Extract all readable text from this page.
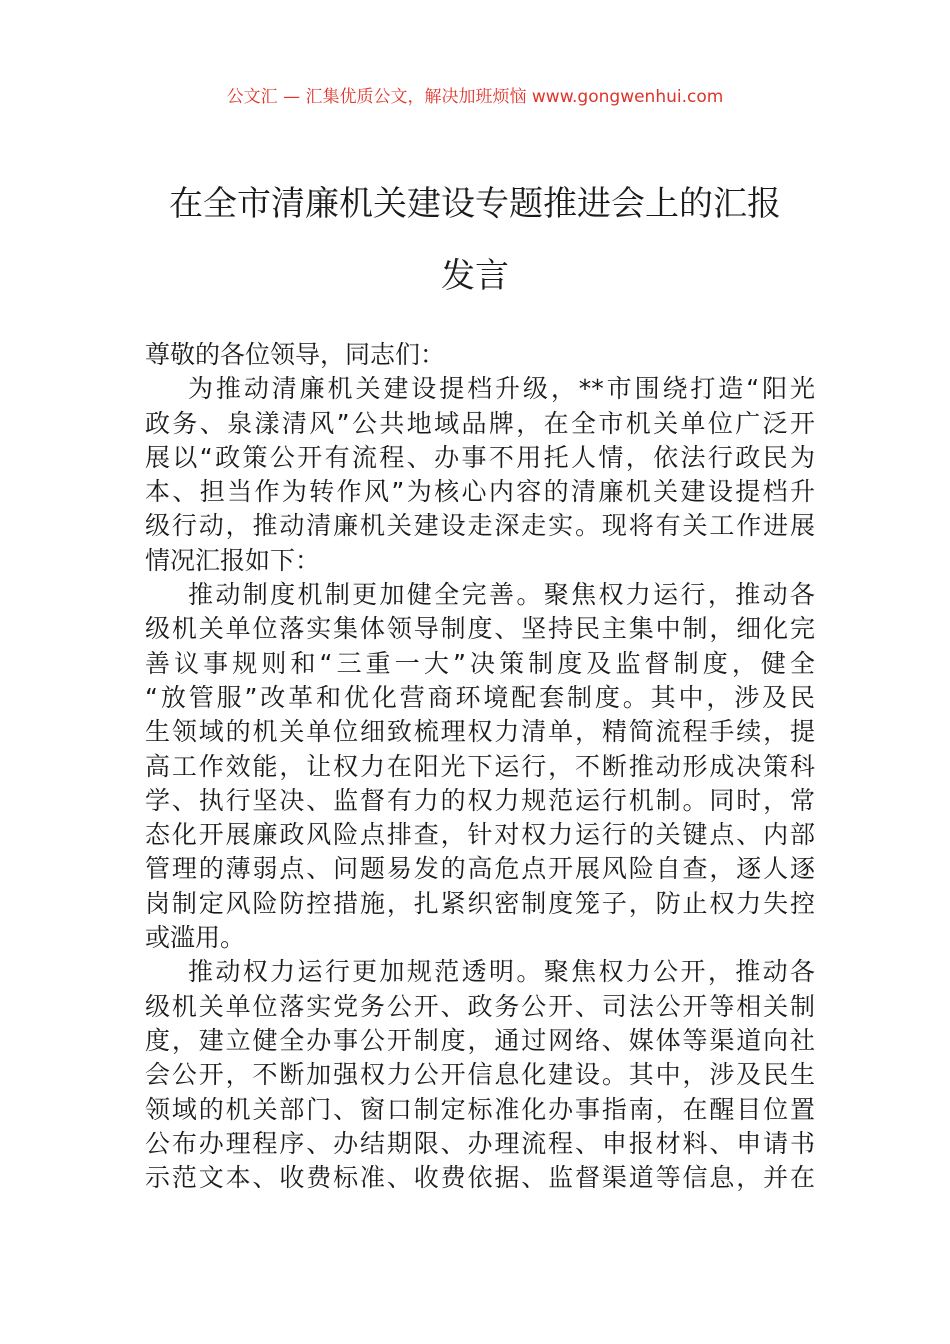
公文汇 — 汇集优质公文，解决加班烦恼 www.gongwenhui.com
在全市清廉机关建设专题推进会上的汇报
发言
尊敬的各位领导，同志们：
为推动清廉机关建设提档升级，**市围绕打造“阳光
政务、泉漾清风”公共地域品牌，在全市机关单位广泛开
展以“政策公开有流程、办事不用托人情，依法行政民为
本、担当作为转作风”为核心内容的清廉机关建设提档升
级行动，推动清廉机关建设走深走实。现将有关工作进展
情况汇报如下：
推动制度机制更加健全完善。聚焦权力运行，推动各
级机关单位落实集体领导制度、坚持民主集中制，细化完
善议事规则和“三重一大”决策制度及监督制度，健全
“放管服”改革和优化营商环境配套制度。其中，涉及民
生领域的机关单位细致梳理权力清单，精简流程手续，提
高工作效能，让权力在阳光下运行，不断推动形成决策科
学、执行坚决、监督有力的权力规范运行机制。同时，常
态化开展廉政风险点排查，针对权力运行的关键点、内部
管理的薄弱点、问题易发的高危点开展风险自查，逐人逐
岗制定风险防控措施，扎紧织密制度笼子，防止权力失控
或滥用。
推动权力运行更加规范透明。聚焦权力公开，推动各
级机关单位落实党务公开、政务公开、司法公开等相关制
度，建立健全办事公开制度，通过网络、媒体等渠道向社
会公开，不断加强权力公开信息化建设。其中，涉及民生
领域的机关部门、窗口制定标准化办事指南，在醒目位置
公布办理程序、办结期限、办理流程、申报材料、申请书
示范文本、收费标准、收费依据、监督渠道等信息，并在
